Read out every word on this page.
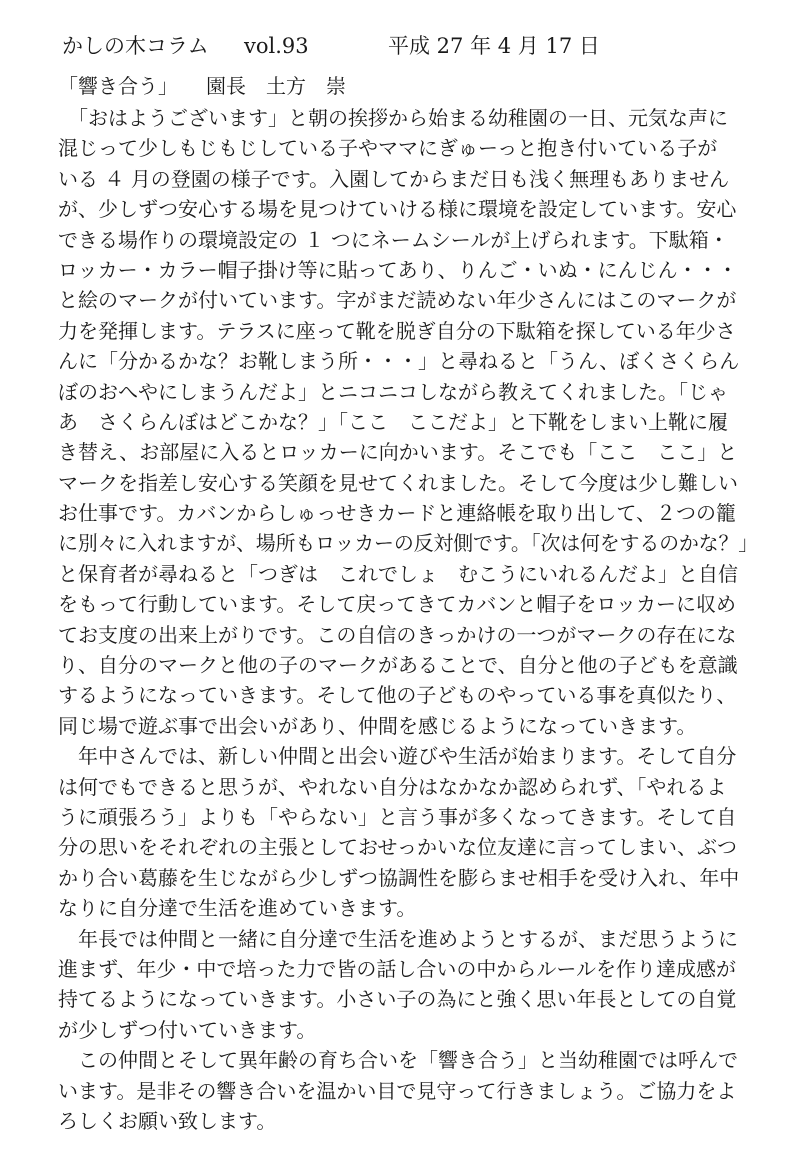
かしの木コラム vol.93	平成 27 年 4 月 17 日
「響き合う」 園長　土方　崇
　「おはようございます」と朝の挨拶から始まる幼稚園の一日、元気な声に
混じって少しもじもじしている子やママにぎゅーっと抱き付いている子が
いる ４ 月の登園の様子です。入園してからまだ日も浅く無理もありません
が、少しずつ安心する場を見つけていける様に環境を設定しています。安心
できる場作りの環境設定の １ つにネームシールが上げられます。下駄箱・
ロッカー・カラー帽子掛け等に貼ってあり、りんご・いぬ・にんじん・・・
と絵のマークが付いています。字がまだ読めない年少さんにはこのマークが
力を発揮します。テラスに座って靴を脱ぎ自分の下駄箱を探している年少さ
んに「分かるかな？お靴しまう所・・・」と尋ねると「うん、ぼくさくらん
ぼのおへやにしまうんだよ」とニコニコしながら教えてくれました。「じゃ
あ　さくらんぼはどこかな？」「ここ　ここだよ」と下靴をしまい上靴に履
き替え、お部屋に入るとロッカーに向かいます。そこでも「ここ　ここ」と
マークを指差し安心する笑顔を見せてくれました。そして今度は少し難しい
お仕事です。カバンからしゅっせきカードと連絡帳を取り出して、２つの籠
に別々に入れますが、場所もロッカーの反対側です。「次は何をするのかな？」
と保育者が尋ねると「つぎは　これでしょ　むこうにいれるんだよ」と自信
をもって行動しています。そして戻ってきてカバンと帽子をロッカーに収め
てお支度の出来上がりです。この自信のきっかけの一つがマークの存在にな
り、自分のマークと他の子のマークがあることで、自分と他の子どもを意識
するようになっていきます。そして他の子どものやっている事を真似たり、
同じ場で遊ぶ事で出会いがあり、仲間を感じるようになっていきます。
　年中さんでは、新しい仲間と出会い遊びや生活が始まります。そして自分
は何でもできると思うが、やれない自分はなかなか認められず、「やれるよ
うに頑張ろう」よりも「やらない」と言う事が多くなってきます。そして自
分の思いをそれぞれの主張としておせっかいな位友達に言ってしまい、ぶつ
かり合い葛藤を生じながら少しずつ協調性を膨らませ相手を受け入れ、年中
なりに自分達で生活を進めていきます。
　年長では仲間と一緒に自分達で生活を進めようとするが、まだ思うように
進まず、年少・中で培った力で皆の話し合いの中からルールを作り達成感が
持てるようになっていきます。小さい子の為にと強く思い年長としての自覚
が少しずつ付いていきます。
　この仲間とそして異年齢の育ち合いを「響き合う」と当幼稚園では呼んで
います。是非その響き合いを温かい目で見守って行きましょう。ご協力をよ
ろしくお願い致します。
